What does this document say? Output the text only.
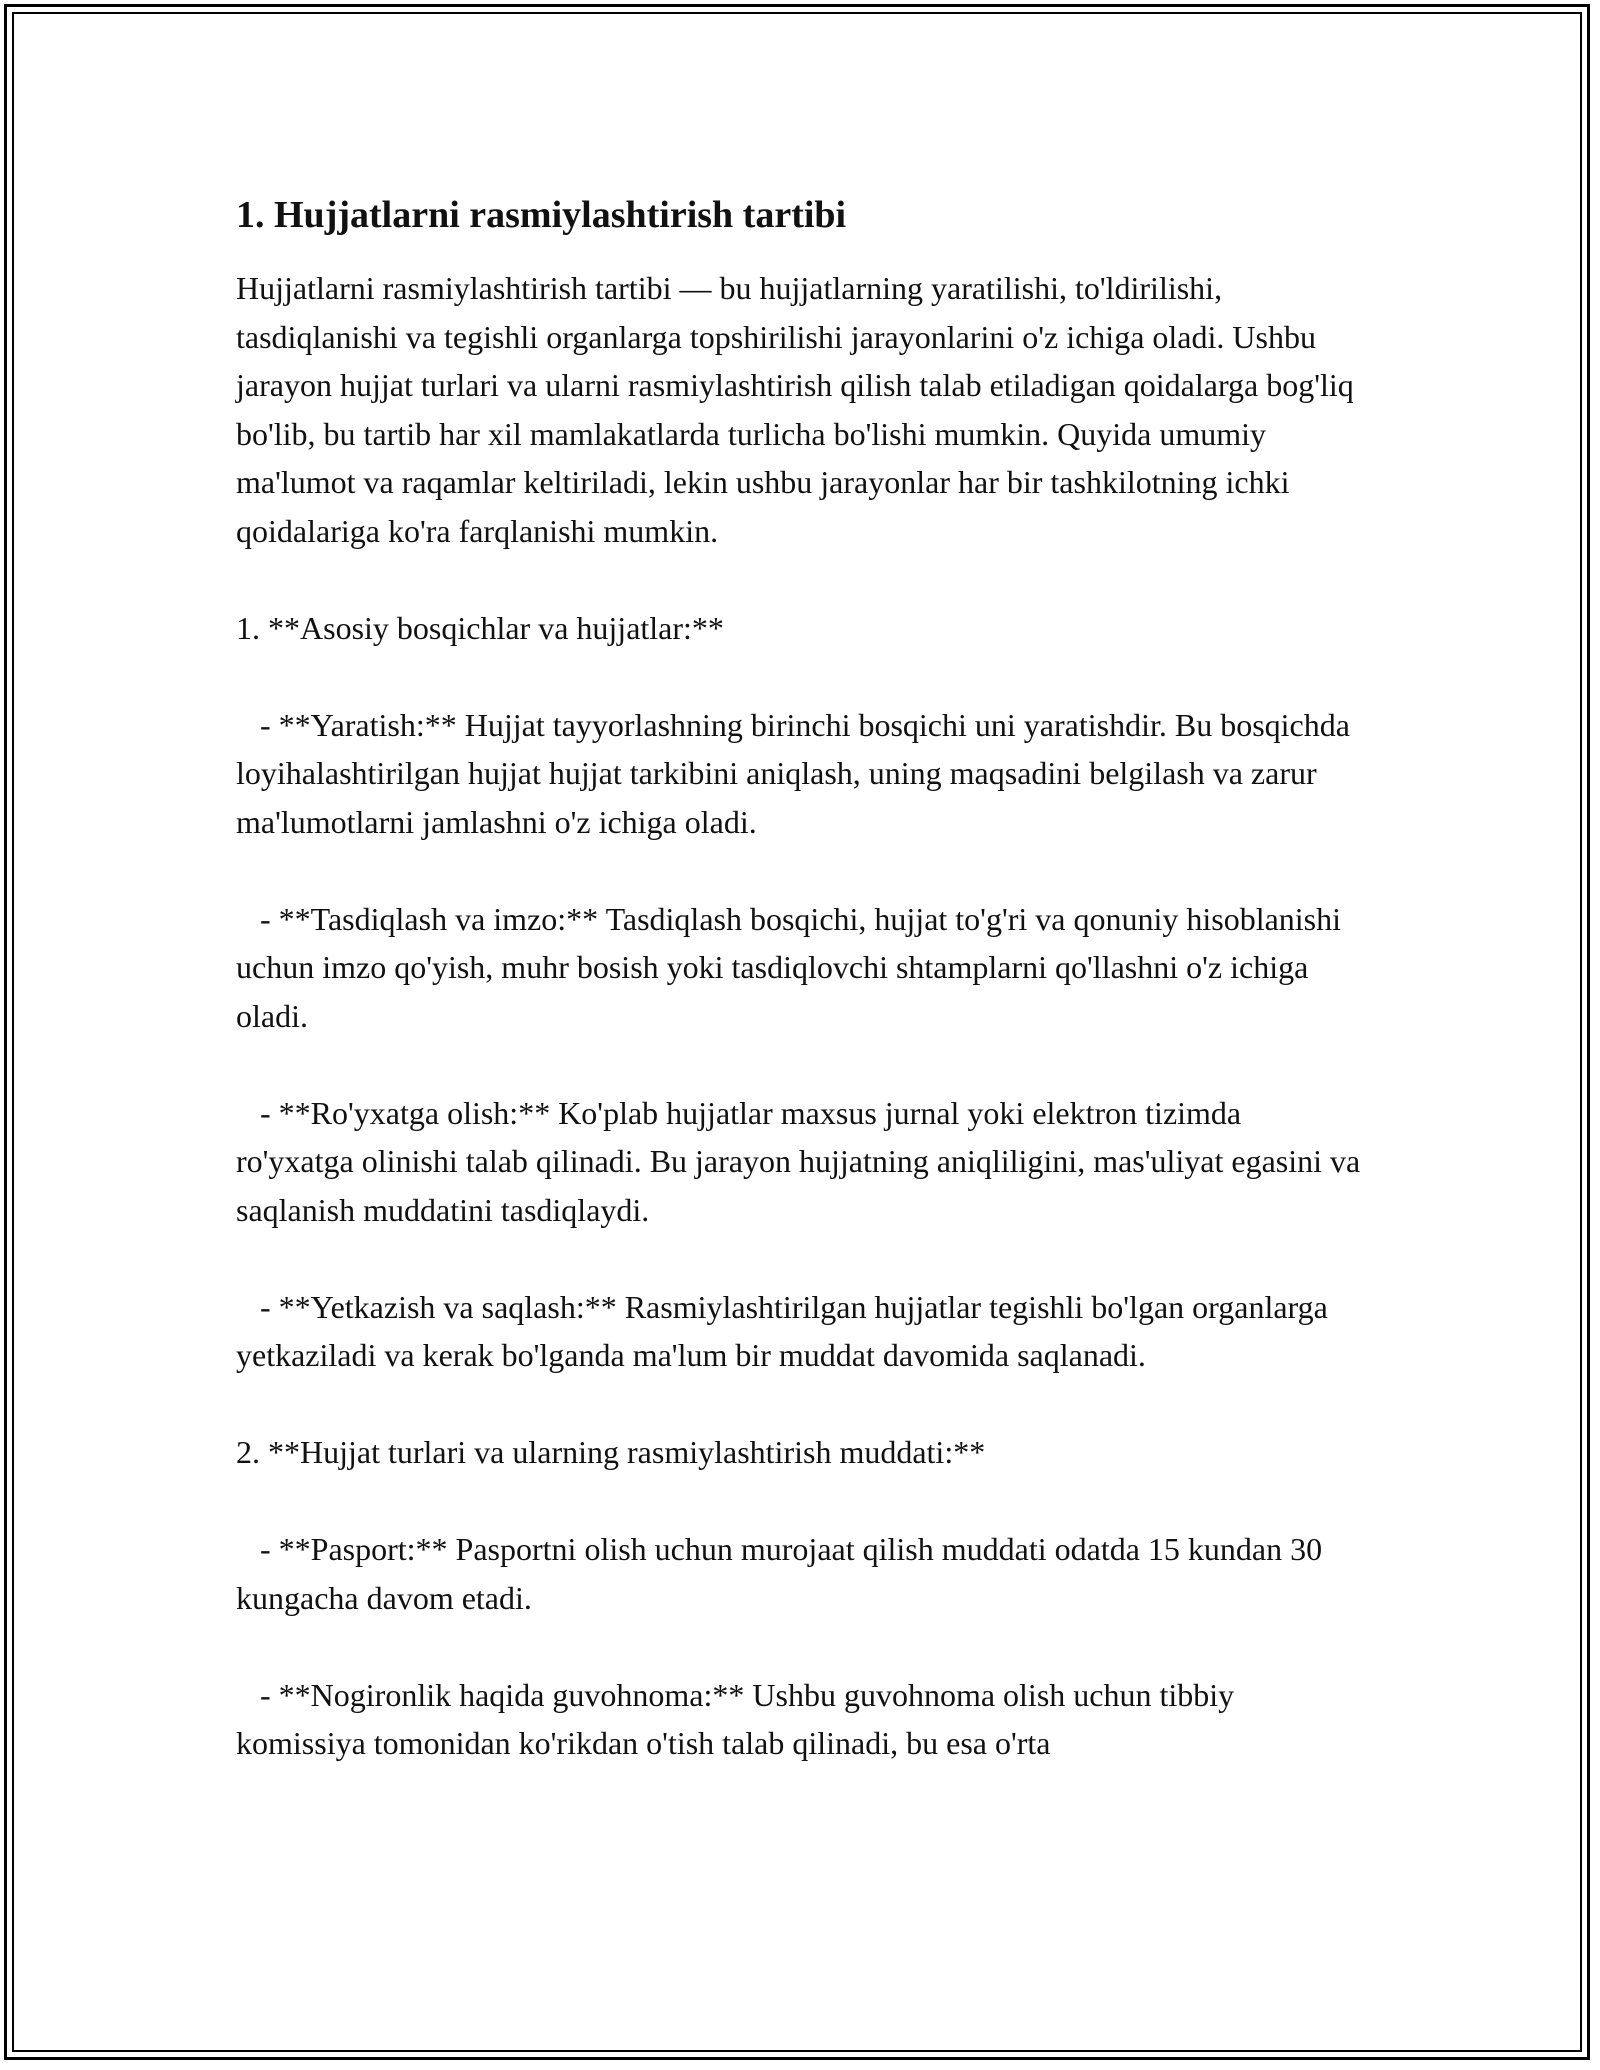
1. Hujjatlarni rasmiylashtirish tartibi

Hujjatlarni rasmiylashtirish tartibi — bu hujjatlarning yaratilishi, to'ldirilishi, tasdiqlanishi va tegishli organlarga topshirilishi jarayonlarini o'z ichiga oladi. Ushbu jarayon hujjat turlari va ularni rasmiylashtirish qilish talab etiladigan qoidalarga bog'liq bo'lib, bu tartib har xil mamlakatlarda turlicha bo'lishi mumkin. Quyida umumiy ma'lumot va raqamlar keltiriladi, lekin ushbu jarayonlar har bir tashkilotning ichki qoidalariga ko'ra farqlanishi mumkin.

1. **Asosiy bosqichlar va hujjatlar:**

- **Yaratish:** Hujjat tayyorlashning birinchi bosqichi uni yaratishdir. Bu bosqichda loyihalashtirilgan hujjat hujjat tarkibini aniqlash, uning maqsadini belgilash va zarur ma'lumotlarni jamlashni o'z ichiga oladi.

- **Tasdiqlash va imzo:** Tasdiqlash bosqichi, hujjat to'g'ri va qonuniy hisoblanishi uchun imzo qo'yish, muhr bosish yoki tasdiqlovchi shtamplarni qo'llashni o'z ichiga oladi.

- **Ro'yxatga olish:** Ko'plab hujjatlar maxsus jurnal yoki elektron tizimda ro'yxatga olinishi talab qilinadi. Bu jarayon hujjatning aniqliligini, mas'uliyat egasini va saqlanish muddatini tasdiqlaydi.

- **Yetkazish va saqlash:** Rasmiylashtirilgan hujjatlar tegishli bo'lgan organlarga yetkaziladi va kerak bo'lganda ma'lum bir muddat davomida saqlanadi.

2. **Hujjat turlari va ularning rasmiylashtirish muddati:**

- **Pasport:** Pasportni olish uchun murojaat qilish muddati odatda 15 kundan 30 kungacha davom etadi.

- **Nogironlik haqida guvohnoma:** Ushbu guvohnoma olish uchun tibbiy komissiya tomonidan ko'rikdan o'tish talab qilinadi, bu esa o'rta
